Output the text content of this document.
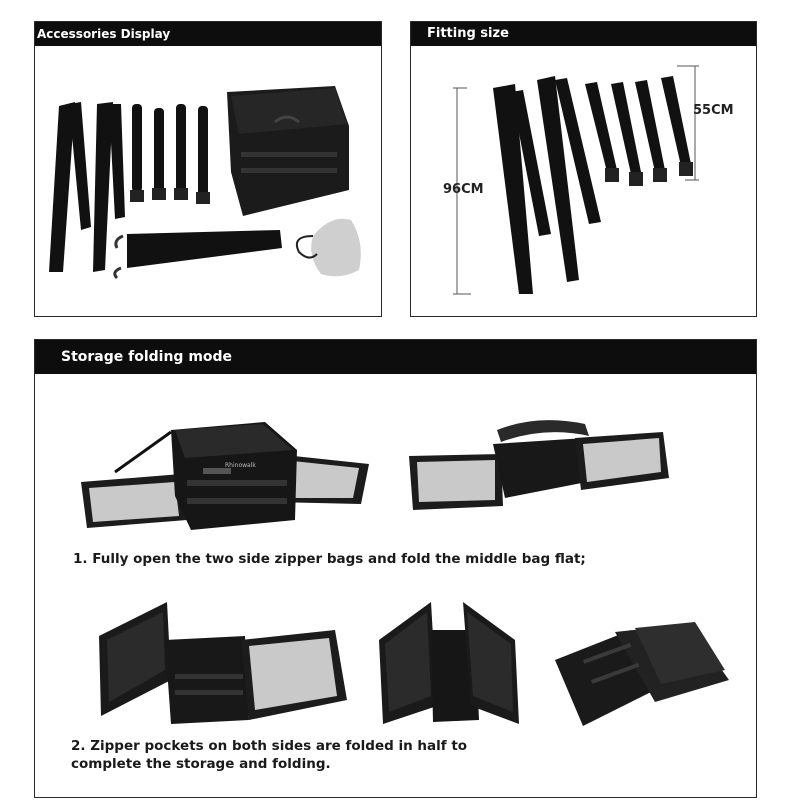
Accessories Display	Fitting size
96CM
55CM
Storage folding mode
1. Fully open the two side zipper bags and fold the middle bag flat;
2. Zipper pockets on both sides are folded in half to
complete the storage and folding.
Rhinowalk
